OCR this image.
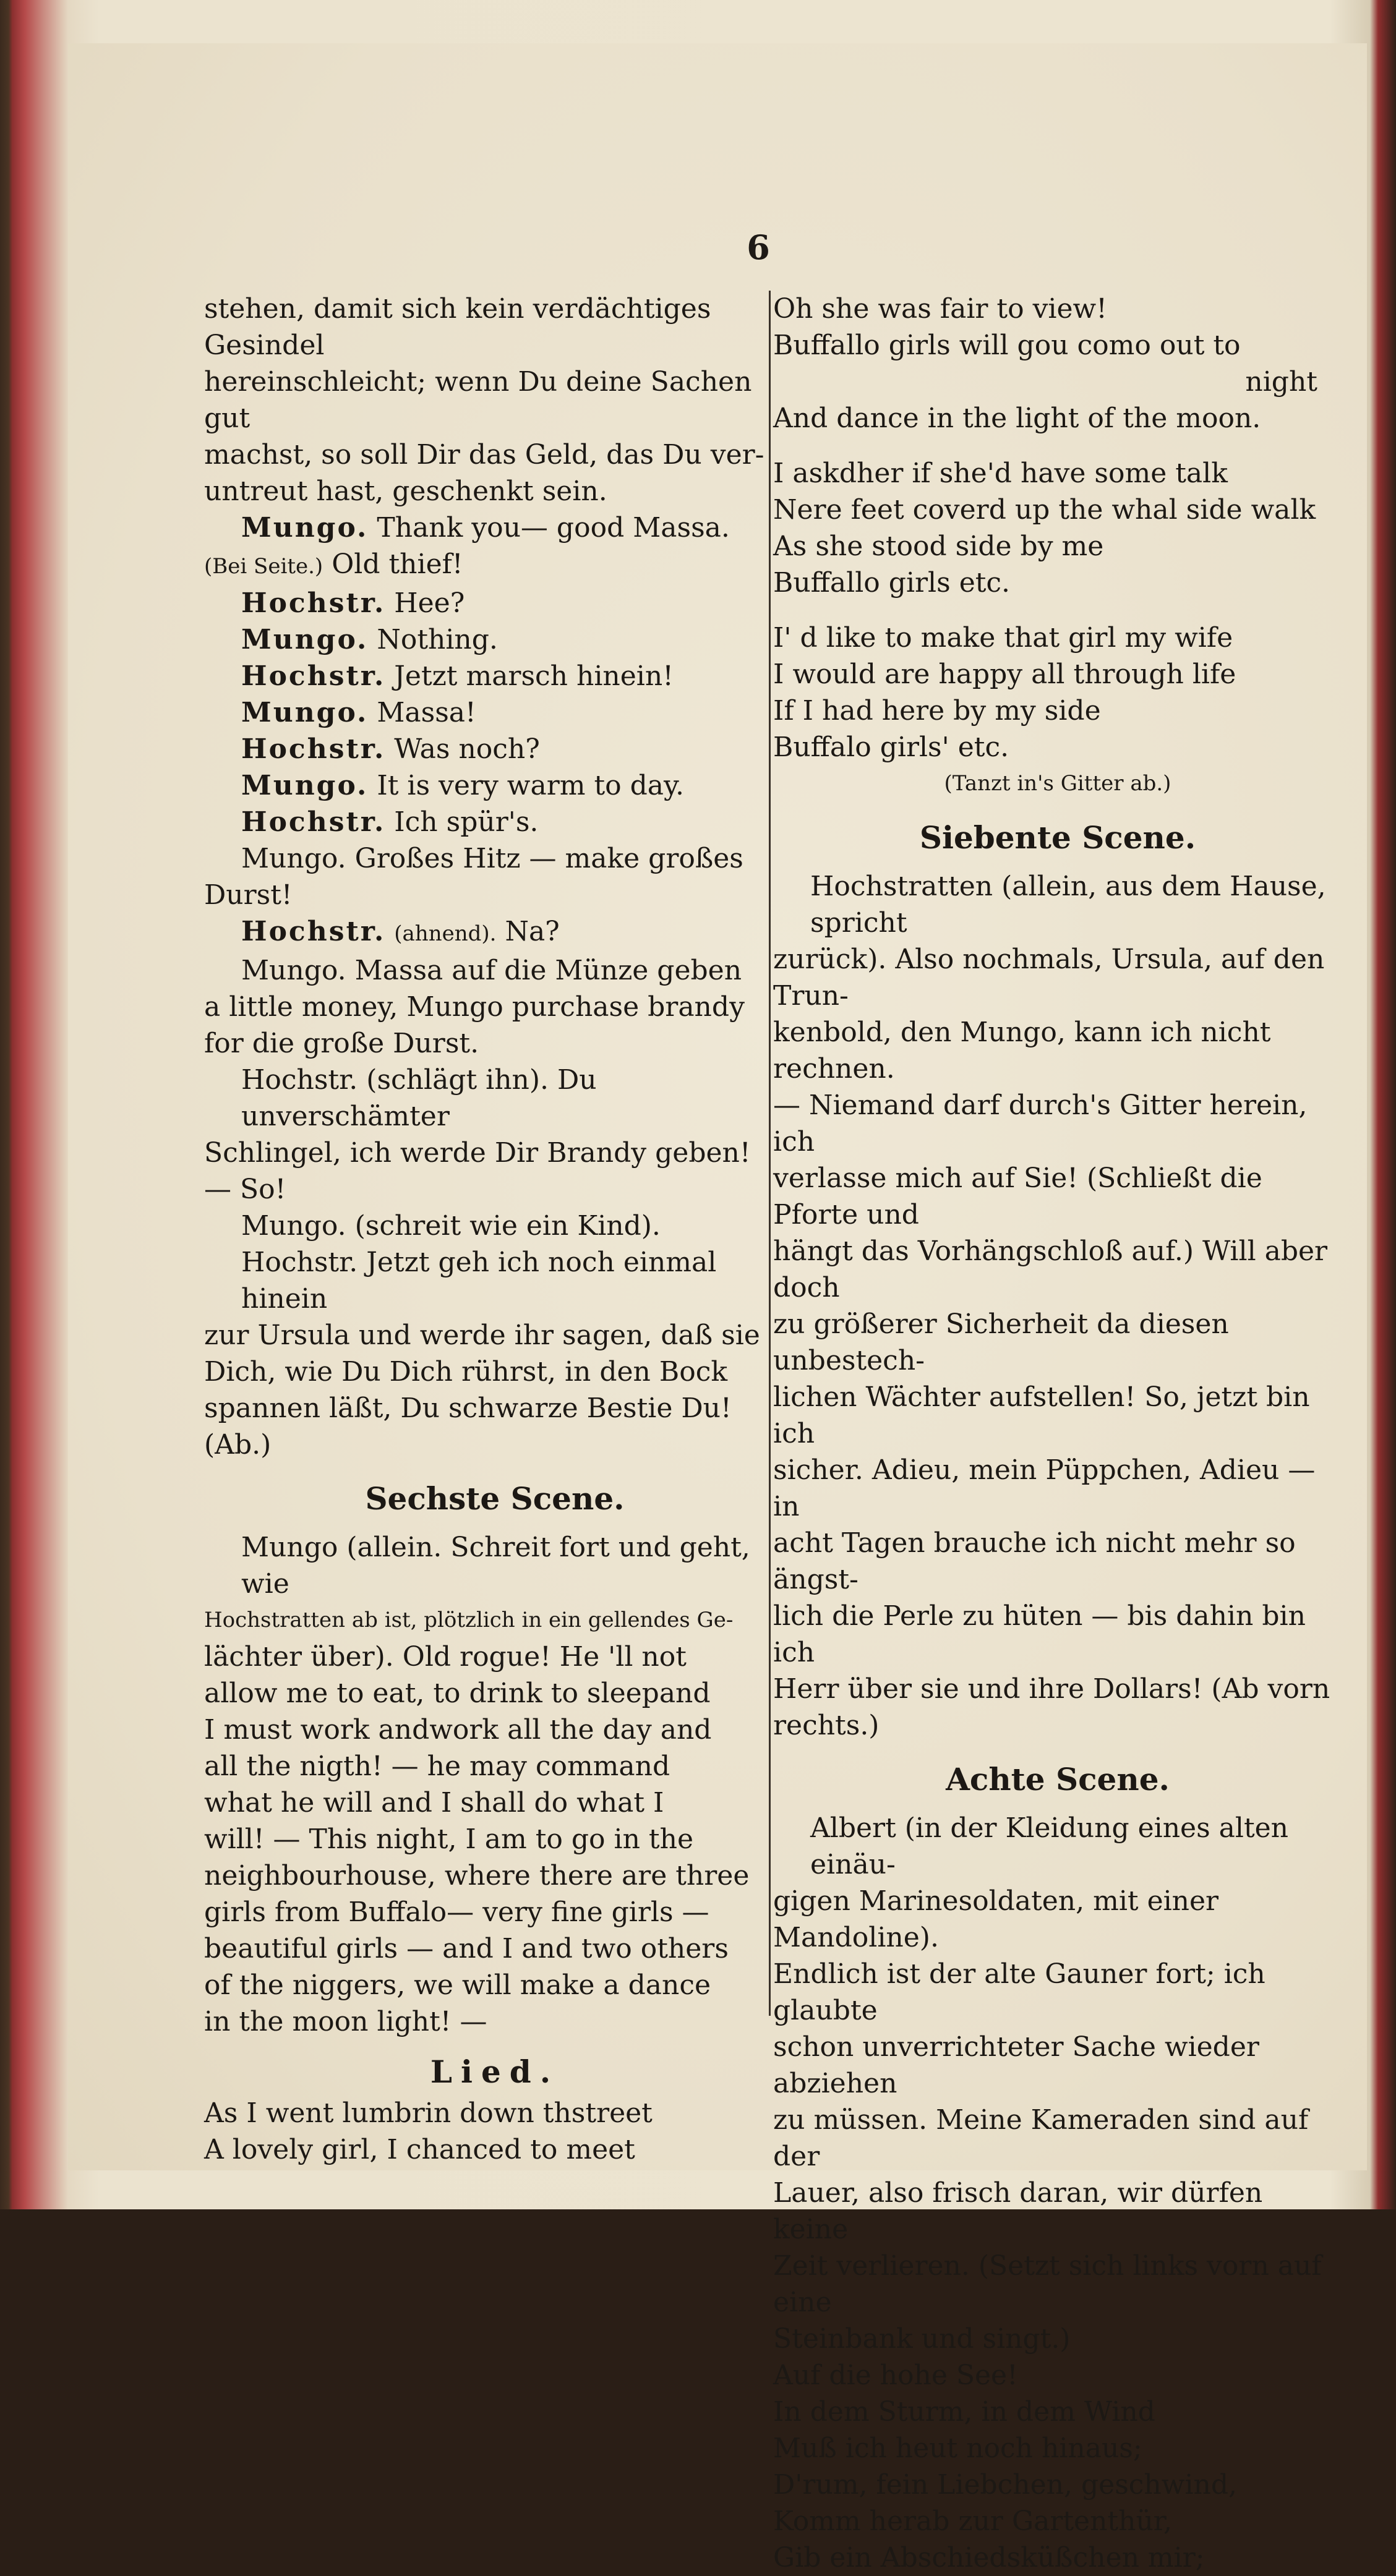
6

stehen, damit sich kein verdächtiges Gesindel

hereinschleicht; wenn Du deine Sachen gut

machst, so soll Dir das Geld, das Du ver-

untreut hast, geschenkt sein.

Mungo. Thank you— good Massa.

(Bei Seite.) Old thief!

Hochstr. Hee?

Mungo. Nothing.

Hochstr. Jetzt marsch hinein!

Mungo. Massa!

Hochstr. Was noch?

Mungo. It is very warm to day.

Hochstr. Ich spür's.

Mungo. Großes Hitz — make großes

Durst!

Hochstr. (ahnend). Na?

Mungo. Massa auf die Münze geben

a little money, Mungo purchase brandy

for die große Durst.

Hochstr. (schlägt ihn). Du unverschämter

Schlingel, ich werde Dir Brandy geben!

— So!

Mungo. (schreit wie ein Kind).

Hochstr. Jetzt geh ich noch einmal hinein

zur Ursula und werde ihr sagen, daß sie

Dich, wie Du Dich rührst, in den Bock

spannen läßt, Du schwarze Bestie Du! (Ab.)

Sechste Scene.

Mungo (allein. Schreit fort und geht, wie

Hochstratten ab ist, plötzlich in ein gellendes Ge-

lächter über). Old rogue! He 'll not

allow me to eat, to drink to sleepand

I must work andwork all the day and

all the nigth! — he may command

what he will and I shall do what I

will! — This night, I am to go in the

neighbourhouse, where there are three

girls from Buffalo— very fine girls —

beautiful girls — and I and two others

of the niggers, we will make a dance

in the moon light! —

Lied.

As I went lumbrin down thstreet

A lovely girl, I chanced to meet

Oh she was fair to view!

Buffallo girls will gou como out to

night

And dance in the light of the moon.

I askdher if she'd have some talk

Nere feet coverd up the whal side walk

As she stood side by me

Buffallo girls etc.

I' d like to make that girl my wife

I would are happy all through life

If I had here by my side

Buffalo girls' etc.

(Tanzt in's Gitter ab.)

Siebente Scene.

Hochstratten (allein, aus dem Hause, spricht

zurück). Also nochmals, Ursula, auf den Trun-

kenbold, den Mungo, kann ich nicht rechnen.

— Niemand darf durch's Gitter herein, ich

verlasse mich auf Sie! (Schließt die Pforte und

hängt das Vorhängschloß auf.) Will aber doch

zu größerer Sicherheit da diesen unbestech-

lichen Wächter aufstellen! So, jetzt bin ich

sicher. Adieu, mein Püppchen, Adieu — in

acht Tagen brauche ich nicht mehr so ängst-

lich die Perle zu hüten — bis dahin bin ich

Herr über sie und ihre Dollars! (Ab vorn

rechts.)

Achte Scene.

Albert (in der Kleidung eines alten einäu-

gigen Marinesoldaten, mit einer Mandoline).

Endlich ist der alte Gauner fort; ich glaubte

schon unverrichteter Sache wieder abziehen

zu müssen. Meine Kameraden sind auf der

Lauer, also frisch daran, wir dürfen keine

Zeit verlieren. (Setzt sich links vorn auf eine

Steinbank und singt.)

Auf die hohe See!

In dem Sturm, in dem Wind

Muß ich heut noch hinaus;

D'rum, fein Liebchen, geschwind,

Komm herab zur Gartenthür,

Gib ein Abschiedsküßchen mir;
